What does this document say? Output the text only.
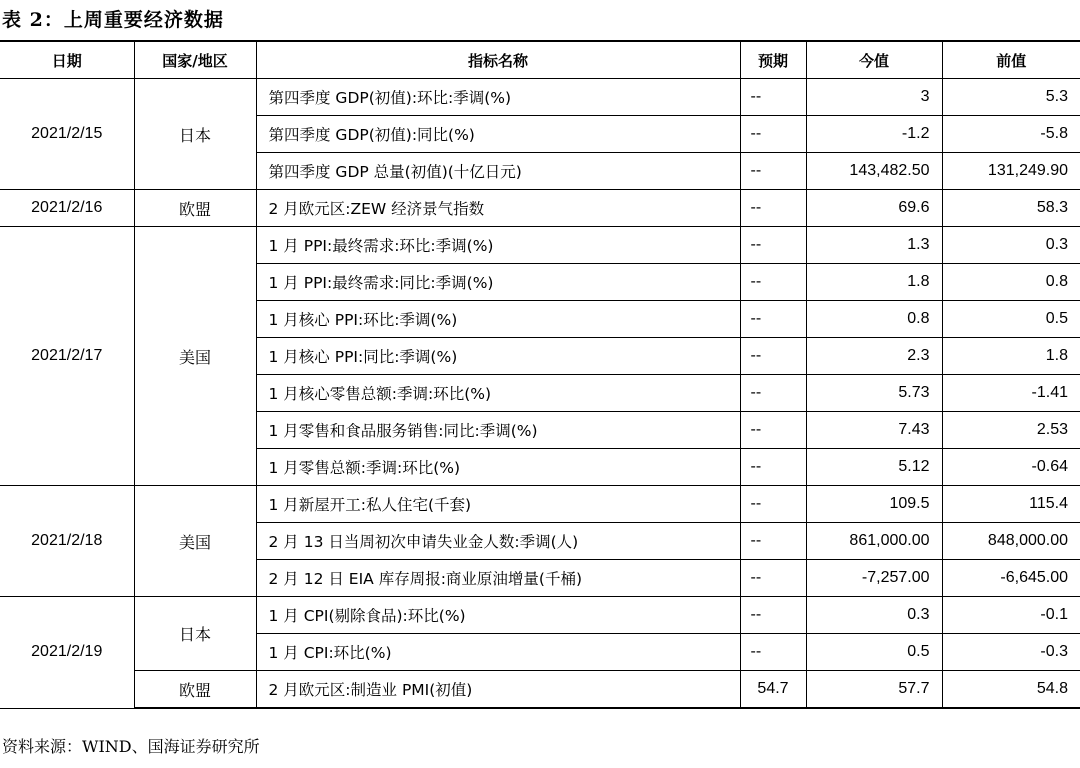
表 2：上周重要经济数据
日期	国家/地区	指标名称	预期	今值	前值
2021/2/15	日本	第四季度 GDP(初值):环比:季调(%)	--	3	5.3
		第四季度 GDP(初值):同比(%)	--	-1.2	-5.8
		第四季度 GDP 总量(初值)(十亿日元)	--	143,482.50	131,249.90
2021/2/16	欧盟	2 月欧元区:ZEW 经济景气指数	--	69.6	58.3
2021/2/17	美国	1 月 PPI:最终需求:环比:季调(%)	--	1.3	0.3
		1 月 PPI:最终需求:同比:季调(%)	--	1.8	0.8
		1 月核心 PPI:环比:季调(%)	--	0.8	0.5
		1 月核心 PPI:同比:季调(%)	--	2.3	1.8
		1 月核心零售总额:季调:环比(%)	--	5.73	-1.41
		1 月零售和食品服务销售:同比:季调(%)	--	7.43	2.53
		1 月零售总额:季调:环比(%)	--	5.12	-0.64
2021/2/18	美国	1 月新屋开工:私人住宅(千套)	--	109.5	115.4
		2 月 13 日当周初次申请失业金人数:季调(人)	--	861,000.00	848,000.00
		2 月 12 日 EIA 库存周报:商业原油增量(千桶)	--	-7,257.00	-6,645.00
2021/2/19	日本	1 月 CPI(剔除食品):环比(%)	--	0.3	-0.1
		1 月 CPI:环比(%)	--	0.5	-0.3
	欧盟	2 月欧元区:制造业 PMI(初值)	54.7	57.7	54.8
资料来源：WIND、国海证券研究所
